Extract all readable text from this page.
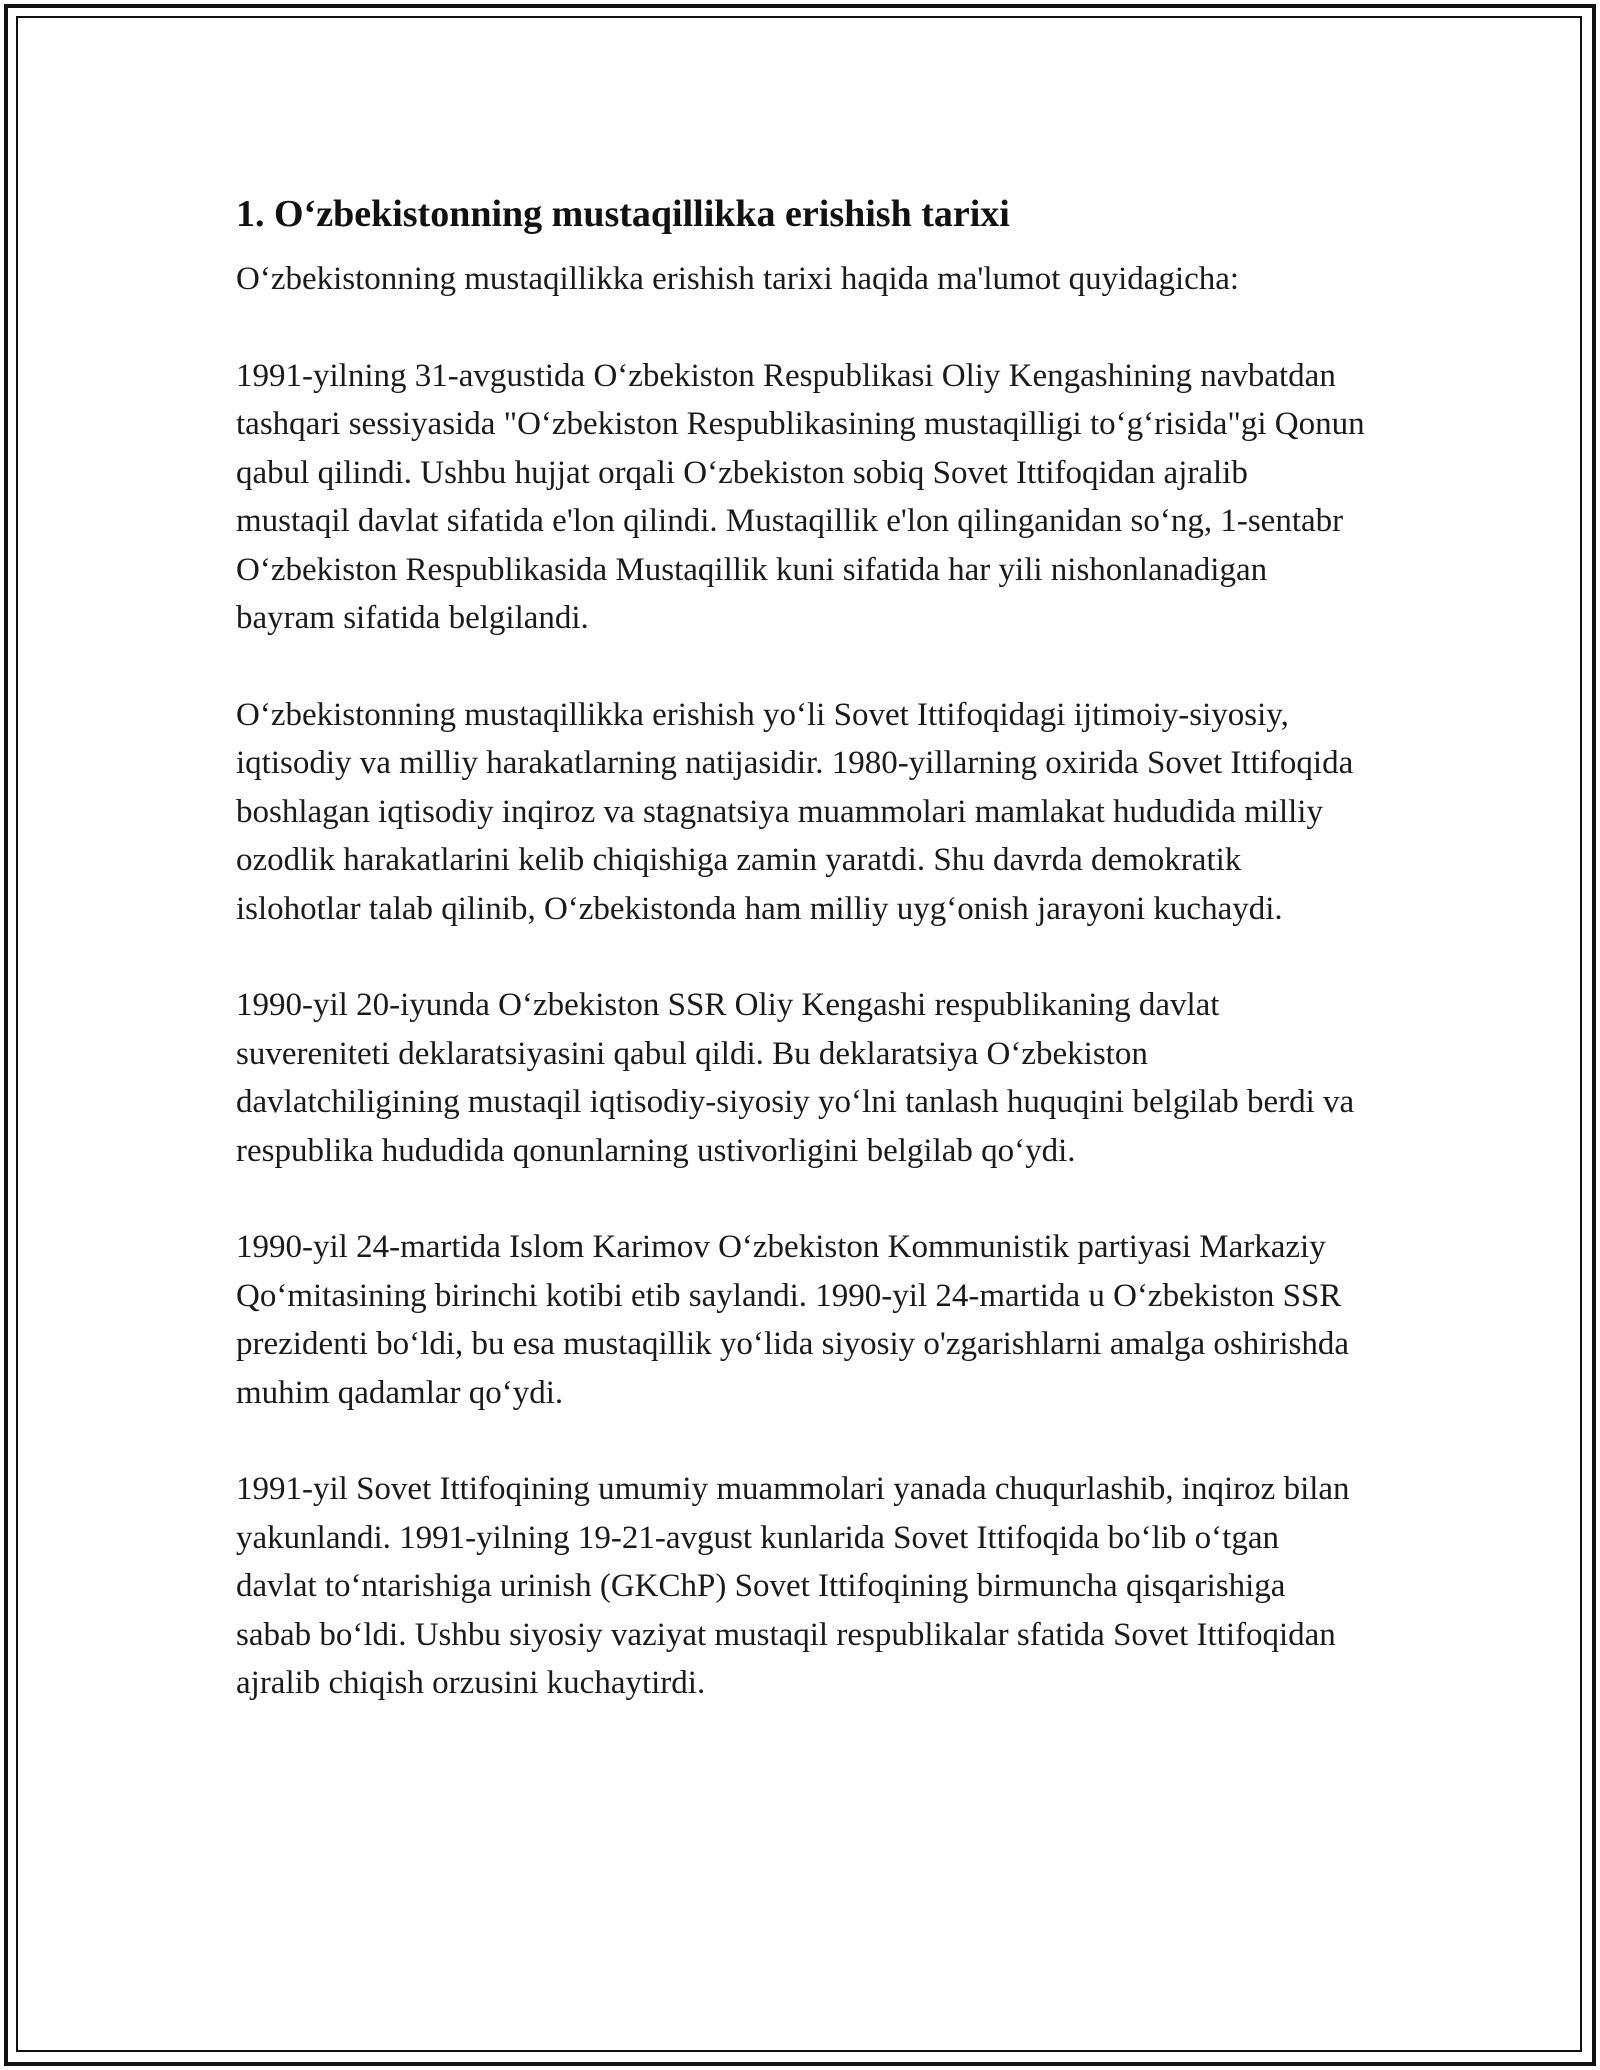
1. O‘zbekistonning mustaqillikka erishish tarixi

O‘zbekistonning mustaqillikka erishish tarixi haqida ma'lumot quyidagicha:

1991-yilning 31-avgustida O‘zbekiston Respublikasi Oliy Kengashining navbatdan tashqari sessiyasida "O‘zbekiston Respublikasining mustaqilligi to‘g‘risida"gi Qonun qabul qilindi. Ushbu hujjat orqali O‘zbekiston sobiq Sovet Ittifoqidan ajralib mustaqil davlat sifatida e'lon qilindi. Mustaqillik e'lon qilinganidan so‘ng, 1-sentabr O‘zbekiston Respublikasida Mustaqillik kuni sifatida har yili nishonlanadigan bayram sifatida belgilandi.

O‘zbekistonning mustaqillikka erishish yo‘li Sovet Ittifoqidagi ijtimoiy-siyosiy, iqtisodiy va milliy harakatlarning natijasidir. 1980-yillarning oxirida Sovet Ittifoqida boshlagan iqtisodiy inqiroz va stagnatsiya muammolari mamlakat hududida milliy ozodlik harakatlarini kelib chiqishiga zamin yaratdi. Shu davrda demokratik islohotlar talab qilinib, O‘zbekistonda ham milliy uyg‘onish jarayoni kuchaydi.

1990-yil 20-iyunda O‘zbekiston SSR Oliy Kengashi respublikaning davlat suvereniteti deklaratsiyasini qabul qildi. Bu deklaratsiya O‘zbekiston davlatchiligining mustaqil iqtisodiy-siyosiy yo‘lni tanlash huquqini belgilab berdi va respublika hududida qonunlarning ustivorligini belgilab qo‘ydi.

1990-yil 24-martida Islom Karimov O‘zbekiston Kommunistik partiyasi Markaziy Qo‘mitasining birinchi kotibi etib saylandi. 1990-yil 24-martida u O‘zbekiston SSR prezidenti bo‘ldi, bu esa mustaqillik yo‘lida siyosiy o'zgarishlarni amalga oshirishda muhim qadamlar qo‘ydi.

1991-yil Sovet Ittifoqining umumiy muammolari yanada chuqurlashib, inqiroz bilan yakunlandi. 1991-yilning 19-21-avgust kunlarida Sovet Ittifoqida bo‘lib o‘tgan davlat to‘ntarishiga urinish (GKChP) Sovet Ittifoqining birmuncha qisqarishiga sabab bo‘ldi. Ushbu siyosiy vaziyat mustaqil respublikalar sfatida Sovet Ittifoqidan ajralib chiqish orzusini kuchaytirdi.
